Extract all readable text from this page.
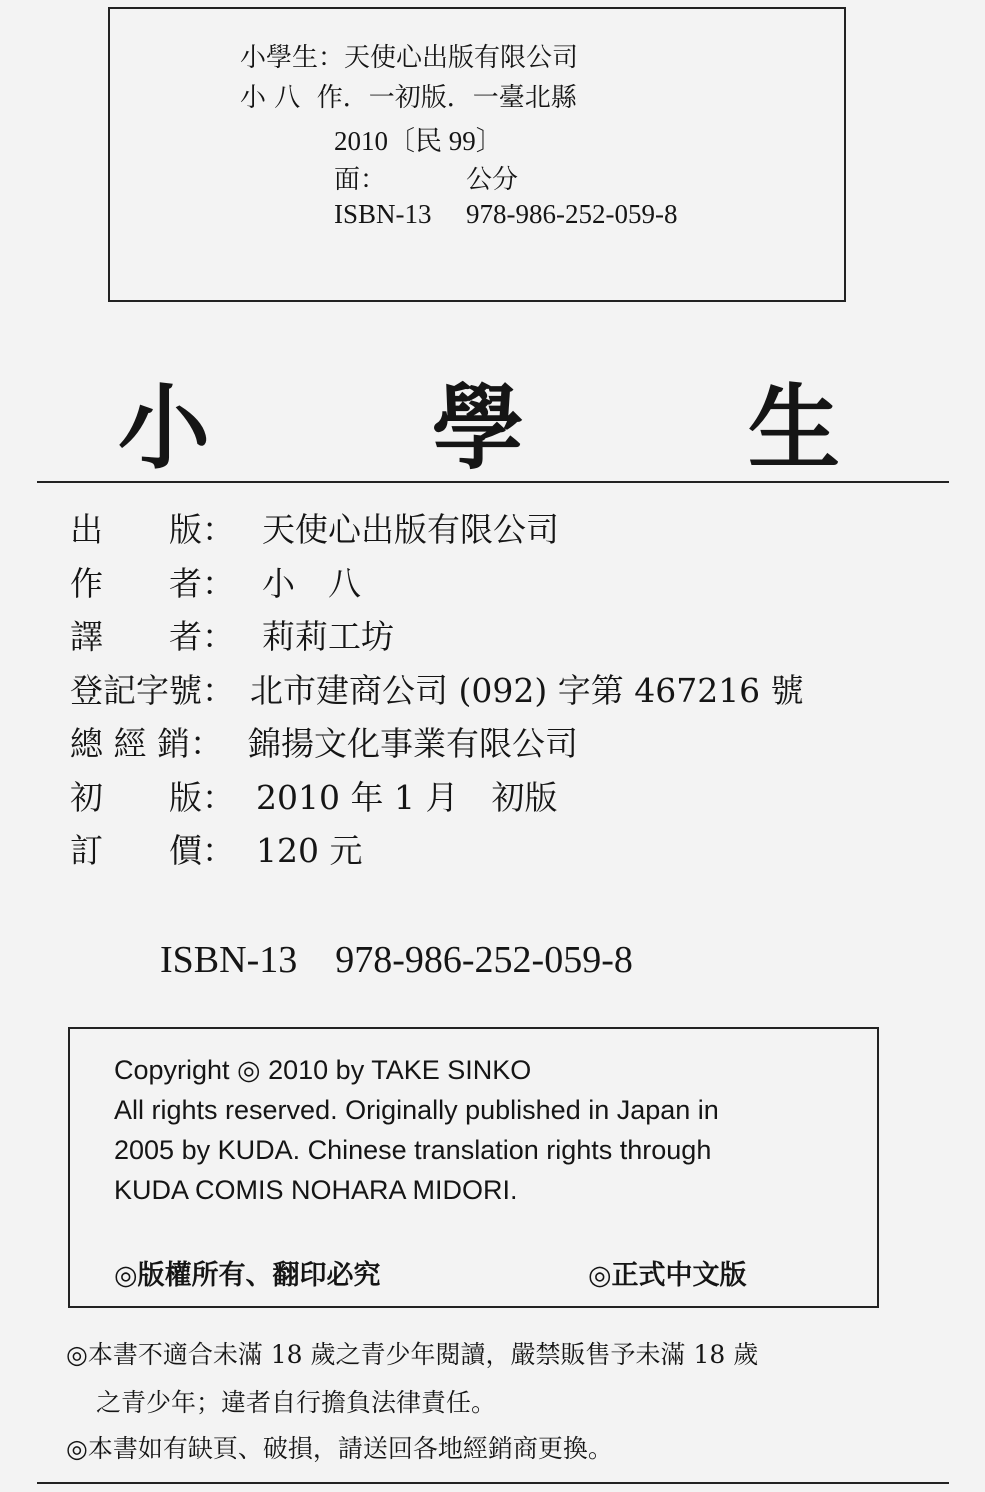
小學生：天使心出版有限公司
小 八  作．一初版．一臺北縣
2010〔民 99〕
面：	公分
ISBN-13 978-986-252-059-8
小 學 生

出　　版：

天使心出版有限公司

作　　者：

小　八

譯　　者：

莉莉工坊

登記字號：

北市建商公司 (092) 字第 467216 號

總 經 銷：

錦揚文化事業有限公司

初　　版：

2010 年 1 月　初版

訂　　價：

120 元

ISBN-13 978-986-252-059-8
Copyright ◎ 2010 by TAKE SINKO
All rights reserved. Originally published in Japan in
2005 by KUDA. Chinese translation rights through
KUDA COMIS NOHARA MIDORI.
◎版權所有、翻印必究	◎正式中文版
◎本書不適合未滿 18 歲之青少年閱讀，嚴禁販售予未滿 18 歲
之青少年；違者自行擔負法律責任。
◎本書如有缺頁、破損，請送回各地經銷商更換。
